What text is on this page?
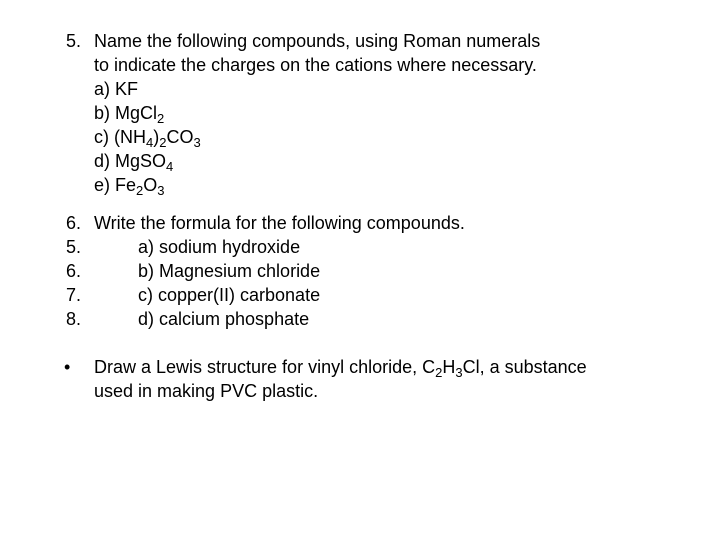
5. Name the following compounds, using Roman numerals
to indicate the charges on the cations where necessary.
a) KF
b) MgCl$_2$
c) $(NH_4)_2CO_3$
d) MgSO$_4$
e) $Fe_2O_3$
6. Write the formula for the following compounds.
5.	a) sodium hydroxide
6.	b) Magnesium chloride
7.	c) copper(II) carbonate
8.	d) calcium phosphate
• Draw a Lewis structure for vinyl chloride, $C_2H_3Cl$, a substance
used in making PVC plastic.
